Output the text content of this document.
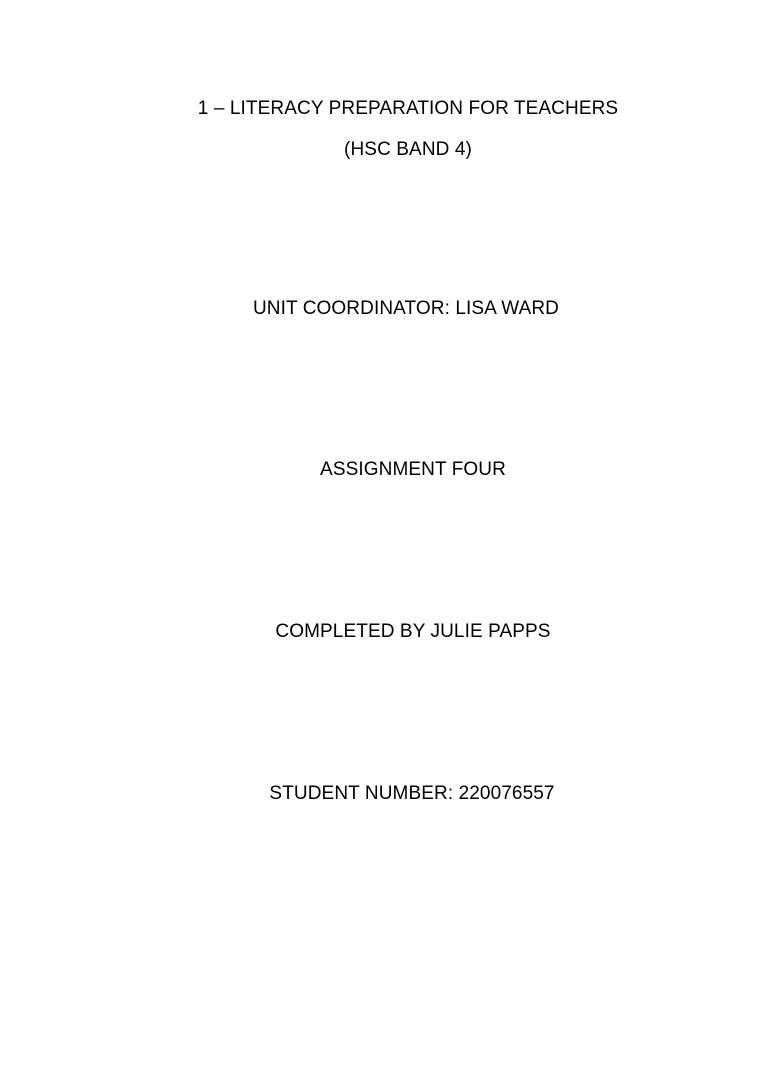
1 – LITERACY PREPARATION FOR TEACHERS
(HSC BAND 4)
UNIT COORDINATOR: LISA WARD
ASSIGNMENT FOUR
COMPLETED BY JULIE PAPPS
STUDENT NUMBER: 220076557
